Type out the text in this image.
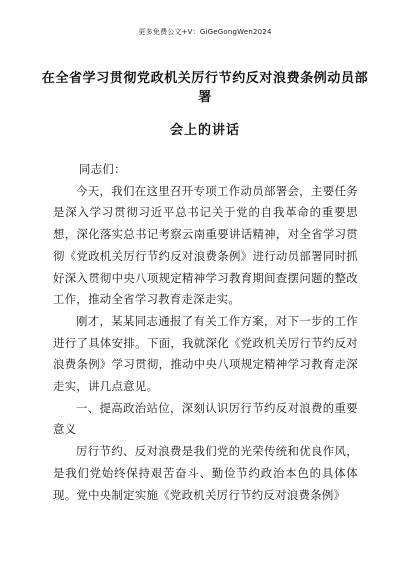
更多免费公文+V：GiGeGongWen2024
在全省学习贯彻党政机关厉行节约反对浪费条例动员部署
会上的讲话

同志们：

今天，我们在这里召开专项工作动员部署会，主要任务是深入学习贯彻习近平总书记关于党的自我革命的重要思想，深化落实总书记考察云南重要讲话精神，对全省学习贯彻《党政机关厉行节约反对浪费条例》进行动员部署同时抓好深入贯彻中央八项规定精神学习教育期间查摆问题的整改工作，推动全省学习教育走深走实。

刚才，某某同志通报了有关工作方案，对下一步的工作进行了具体安排。下面，我就深化《党政机关厉行节约反对浪费条例》学习贯彻，推动中央八项规定精神学习教育走深走实，讲几点意见。

一、提高政治站位，深刻认识厉行节约反对浪费的重要意义

厉行节约、反对浪费是我们党的光荣传统和优良作风，是我们党始终保持艰苦奋斗、勤俭节约政治本色的具体体现。党中央制定实施《党政机关厉行节约反对浪费条例》
